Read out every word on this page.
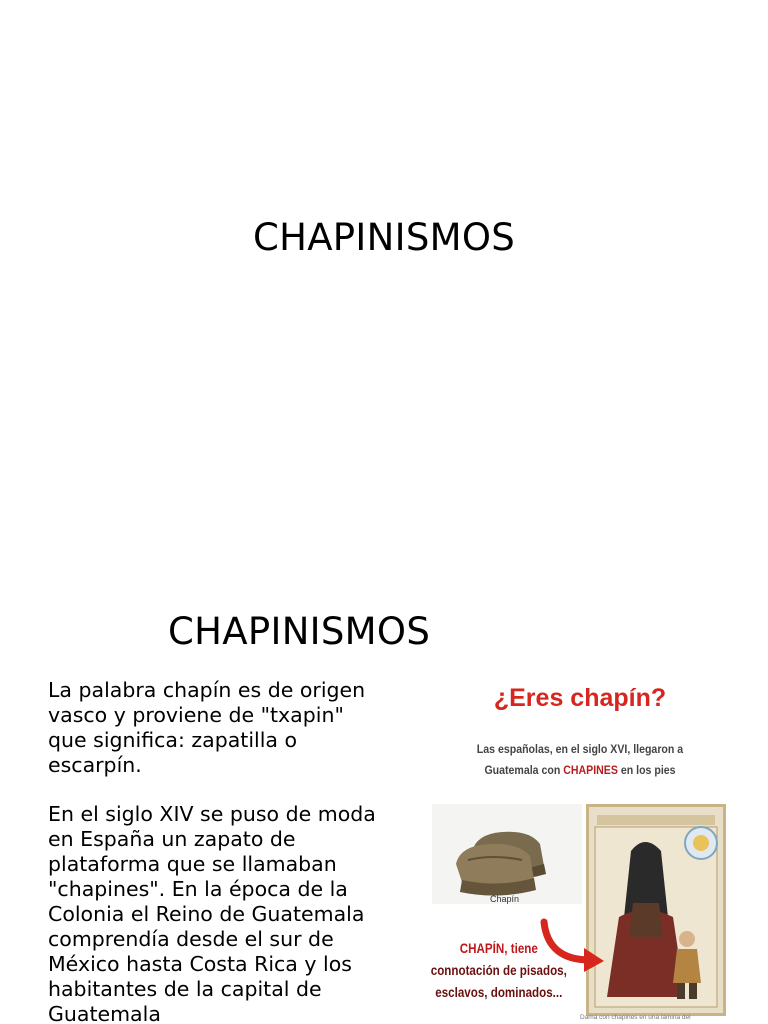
CHAPINISMOS
CHAPINISMOS

La palabra chapín es de origen vasco y proviene de "txapin" que significa: zapatilla o escarpín.

En el siglo XIV se puso de moda en España un zapato de plataforma que se llamaban "chapines". En la época de la Colonia el Reino de Guatemala comprendía desde el sur de México hasta Costa Rica y los habitantes de la capital de Guatemala

¿Eres chapín?
Las españolas, en el siglo XVI, llegaron a
Guatemala con CHAPINES en los pies
Chapín
CHAPÍN, tiene
connotación de pisados,
esclavos, dominados...
Dama con chapines en una lámina del
